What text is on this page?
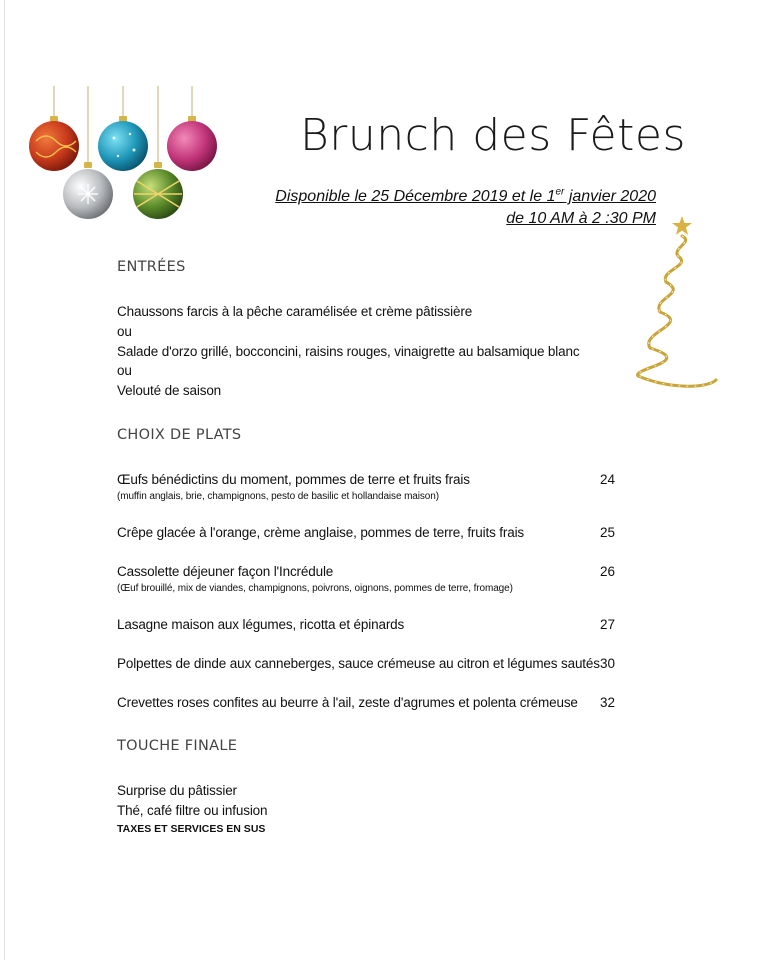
Brunch des Fêtes
Disponible le 25 Décembre 2019 et le 1er janvier 2020
de 10 AM à 2 :30 PM
ENTRÉES
Chaussons farcis à la pêche caramélisée et crème pâtissière
ou
Salade d'orzo grillé, bocconcini, raisins rouges, vinaigrette au balsamique blanc
ou
Velouté de saison
CHOIX DE PLATS
Œufs bénédictins du moment, pommes de terre et fruits frais	24
(muffin anglais, brie, champignons, pesto de basilic et hollandaise maison)
Crêpe glacée à l'orange, crème anglaise, pommes de terre, fruits frais	25
Cassolette déjeuner façon l'Incrédule	26
(Œuf brouillé, mix de viandes, champignons, poivrons, oignons, pommes de terre, fromage)
Lasagne maison aux légumes, ricotta et épinards	27
Polpettes de dinde aux canneberges, sauce crémeuse au citron et légumes sautés 30
Crevettes roses confites au beurre à l'ail, zeste d'agrumes et polenta crémeuse	32
TOUCHE FINALE
Surprise du pâtissier
Thé, café filtre ou infusion
TAXES ET SERVICES EN SUS
